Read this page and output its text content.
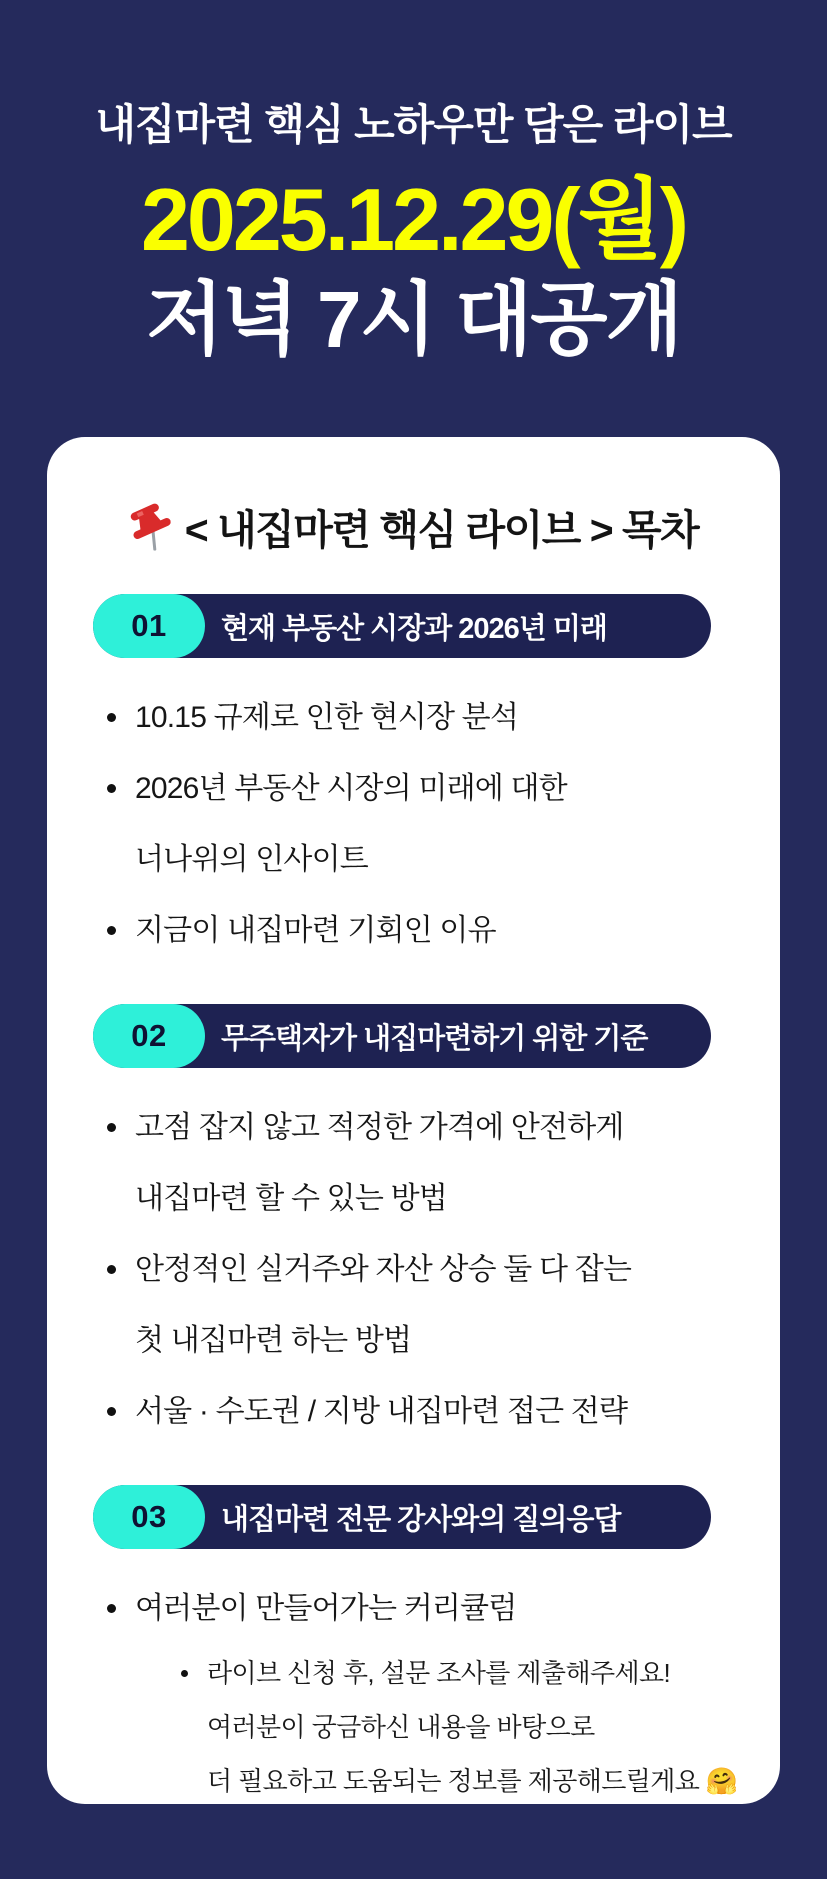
내집마련 핵심 노하우만 담은 라이브
2025.12.29(월)
저녁 7시 대공개
< 내집마련 핵심 라이브 > 목차
01	현재 부동산 시장과 2026년 미래
10.15 규제로 인한 현시장 분석
2026년 부동산 시장의 미래에 대한
너나위의 인사이트
지금이 내집마련 기회인 이유
02	무주택자가 내집마련하기 위한 기준
고점 잡지 않고 적정한 가격에 안전하게
내집마련 할 수 있는 방법
안정적인 실거주와 자산 상승 둘 다 잡는
첫 내집마련 하는 방법
서울 · 수도권 / 지방 내집마련 접근 전략
03	내집마련 전문 강사와의 질의응답
여러분이 만들어가는 커리큘럼
라이브 신청 후, 설문 조사를 제출해주세요!
여러분이 궁금하신 내용을 바탕으로
더 필요하고 도움되는 정보를 제공해드릴게요 🤗
